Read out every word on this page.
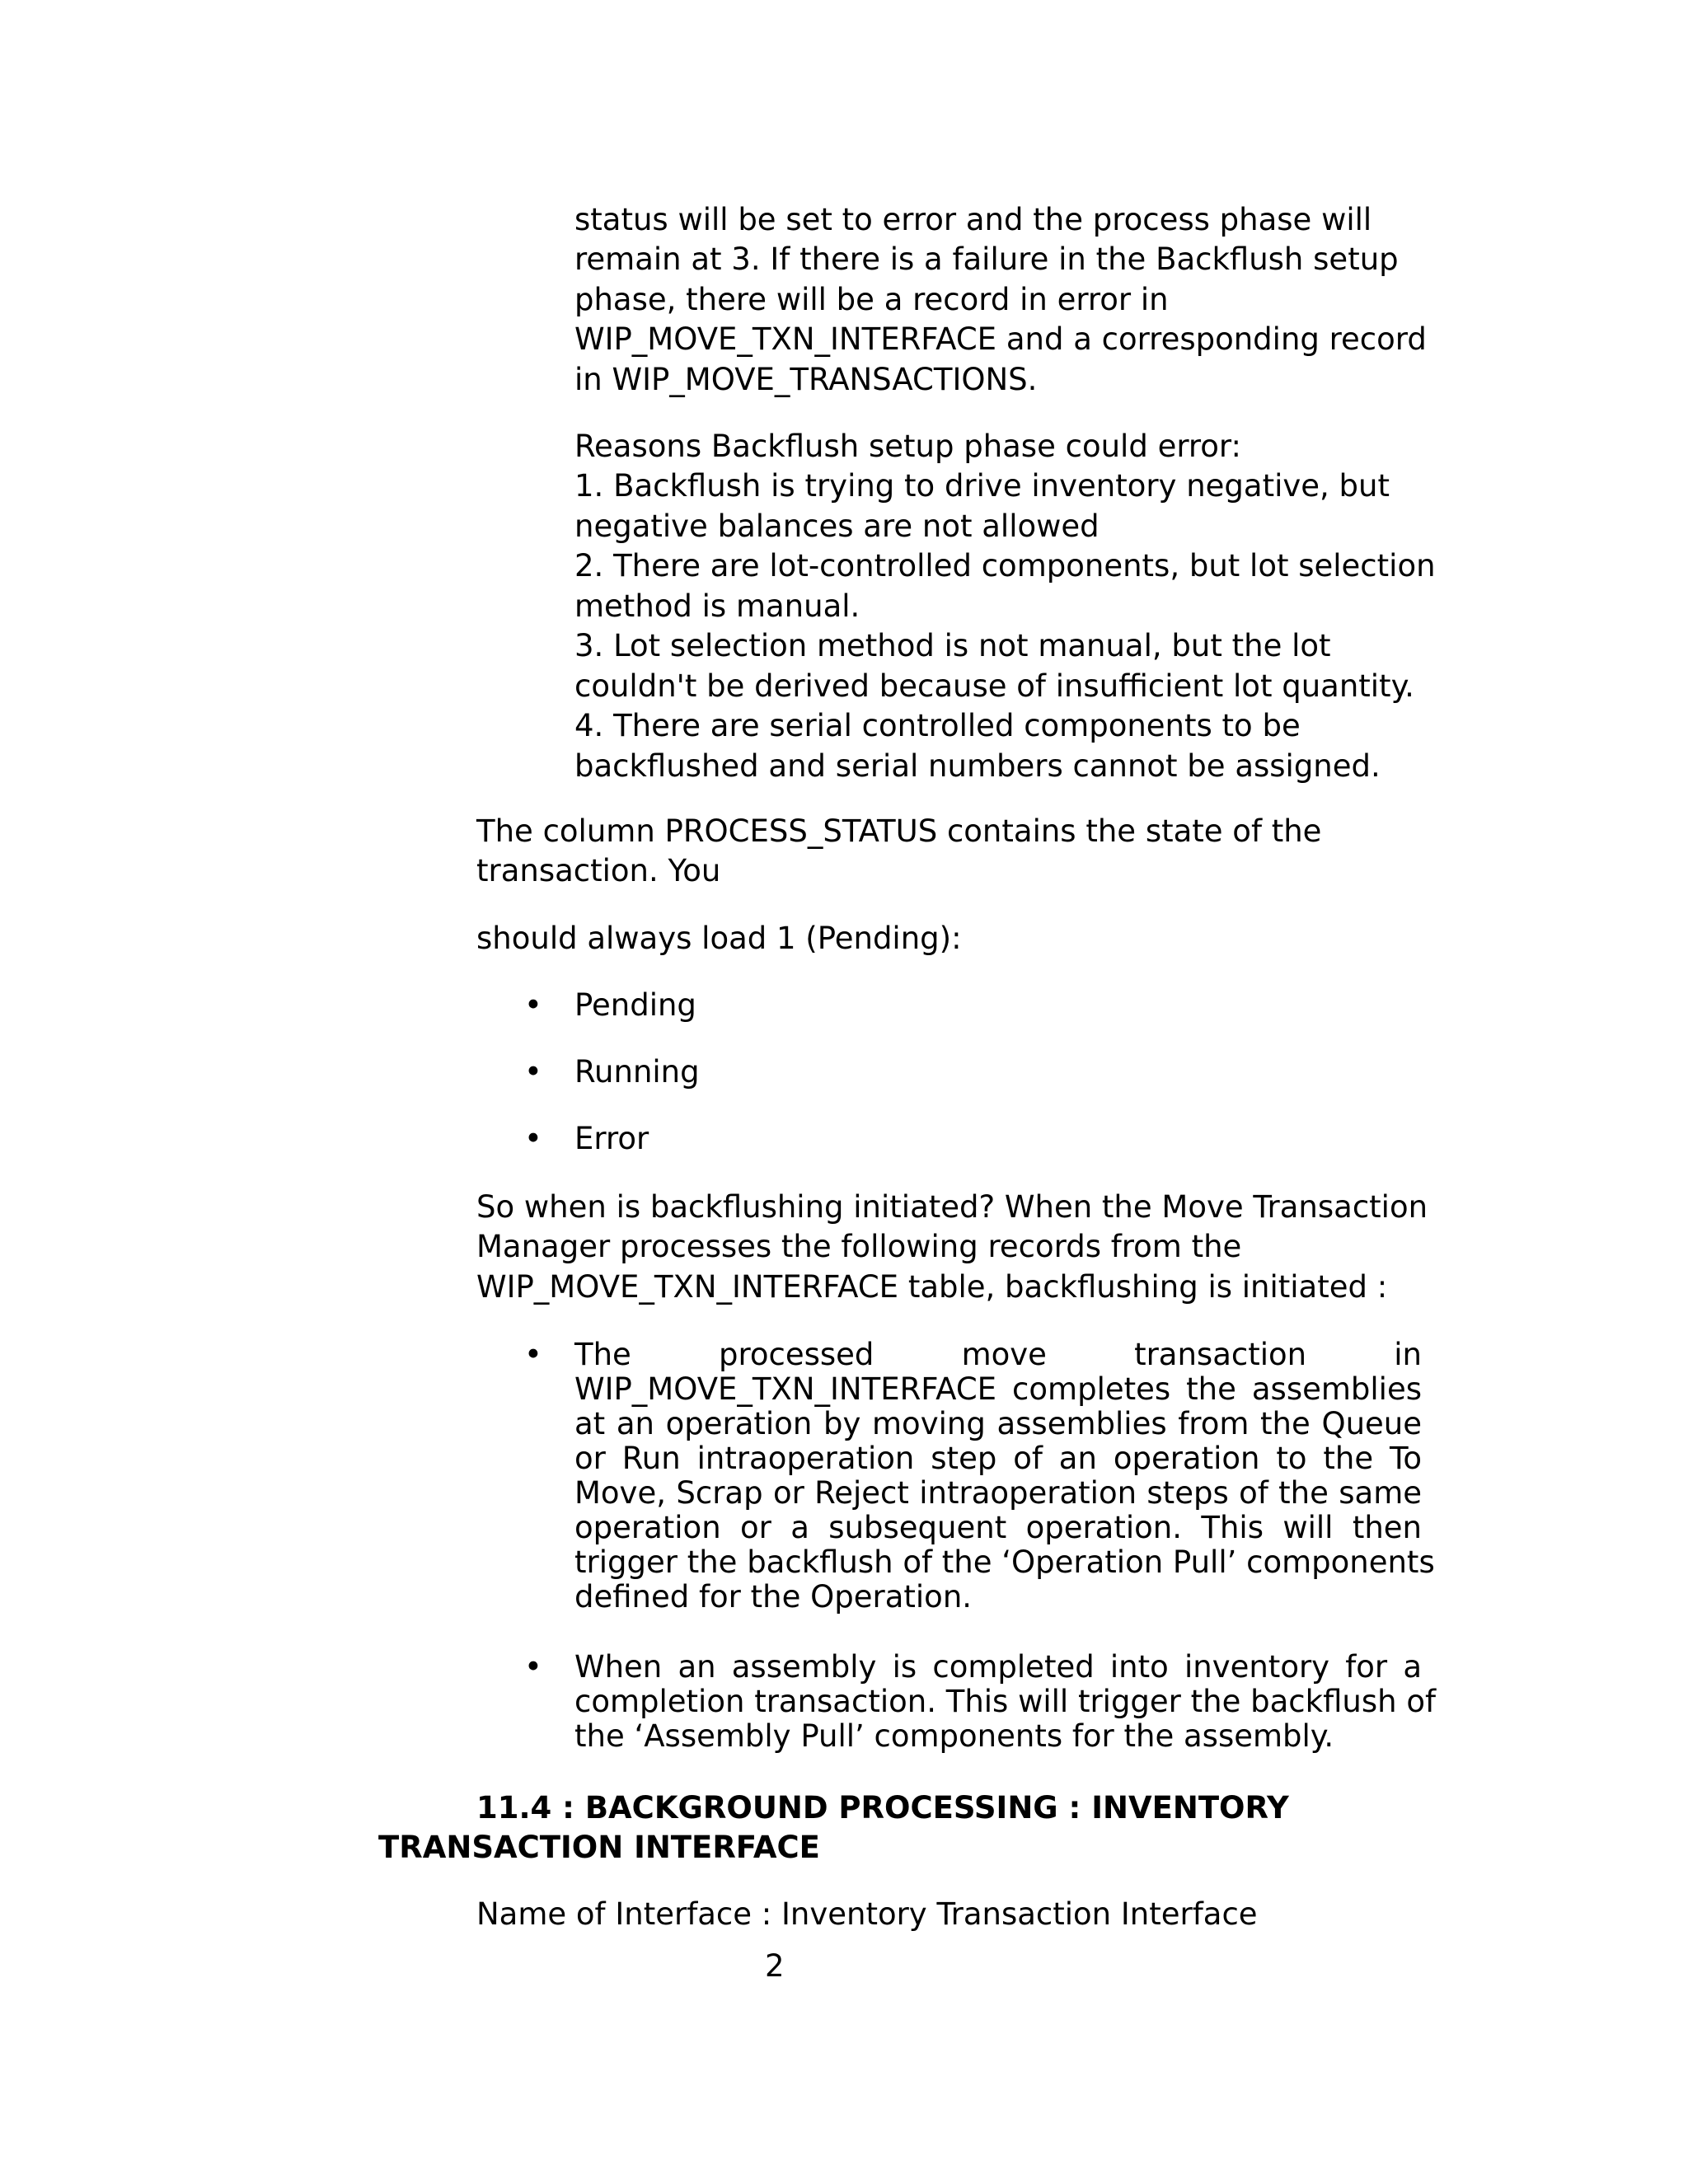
status will be set to error and the process phase will
remain at 3. If there is a failure in the Backflush setup
phase, there will be a record in error in
WIP_MOVE_TXN_INTERFACE and a corresponding record
in WIP_MOVE_TRANSACTIONS.
Reasons Backflush setup phase could error:
1. Backflush is trying to drive inventory negative, but
negative balances are not allowed
2. There are lot-controlled components, but lot selection
method is manual.
3. Lot selection method is not manual, but the lot
couldn't be derived because of insufficient lot quantity.
4. There are serial controlled components to be
backflushed and serial numbers cannot be assigned.
The column PROCESS_STATUS contains the state of the
transaction. You
should always load 1 (Pending):
• Pending
• Running
• Error
So when is backflushing initiated? When the Move Transaction
Manager processes the following records from the
WIP_MOVE_TXN_INTERFACE table, backflushing is initiated :
• The processed move transaction in
WIP_MOVE_TXN_INTERFACE completes the assemblies
at an operation by moving assemblies from the Queue
or Run intraoperation step of an operation to the To
Move, Scrap or Reject intraoperation steps of the same
operation or a subsequent operation. This will then
trigger the backflush of the ‘Operation Pull’ components
defined for the Operation.
• When an assembly is completed into inventory for a
completion transaction. This will trigger the backflush of
the ‘Assembly Pull’ components for the assembly.
11.4 : BACKGROUND PROCESSING : INVENTORY
TRANSACTION INTERFACE
Name of Interface : Inventory Transaction Interface
2
